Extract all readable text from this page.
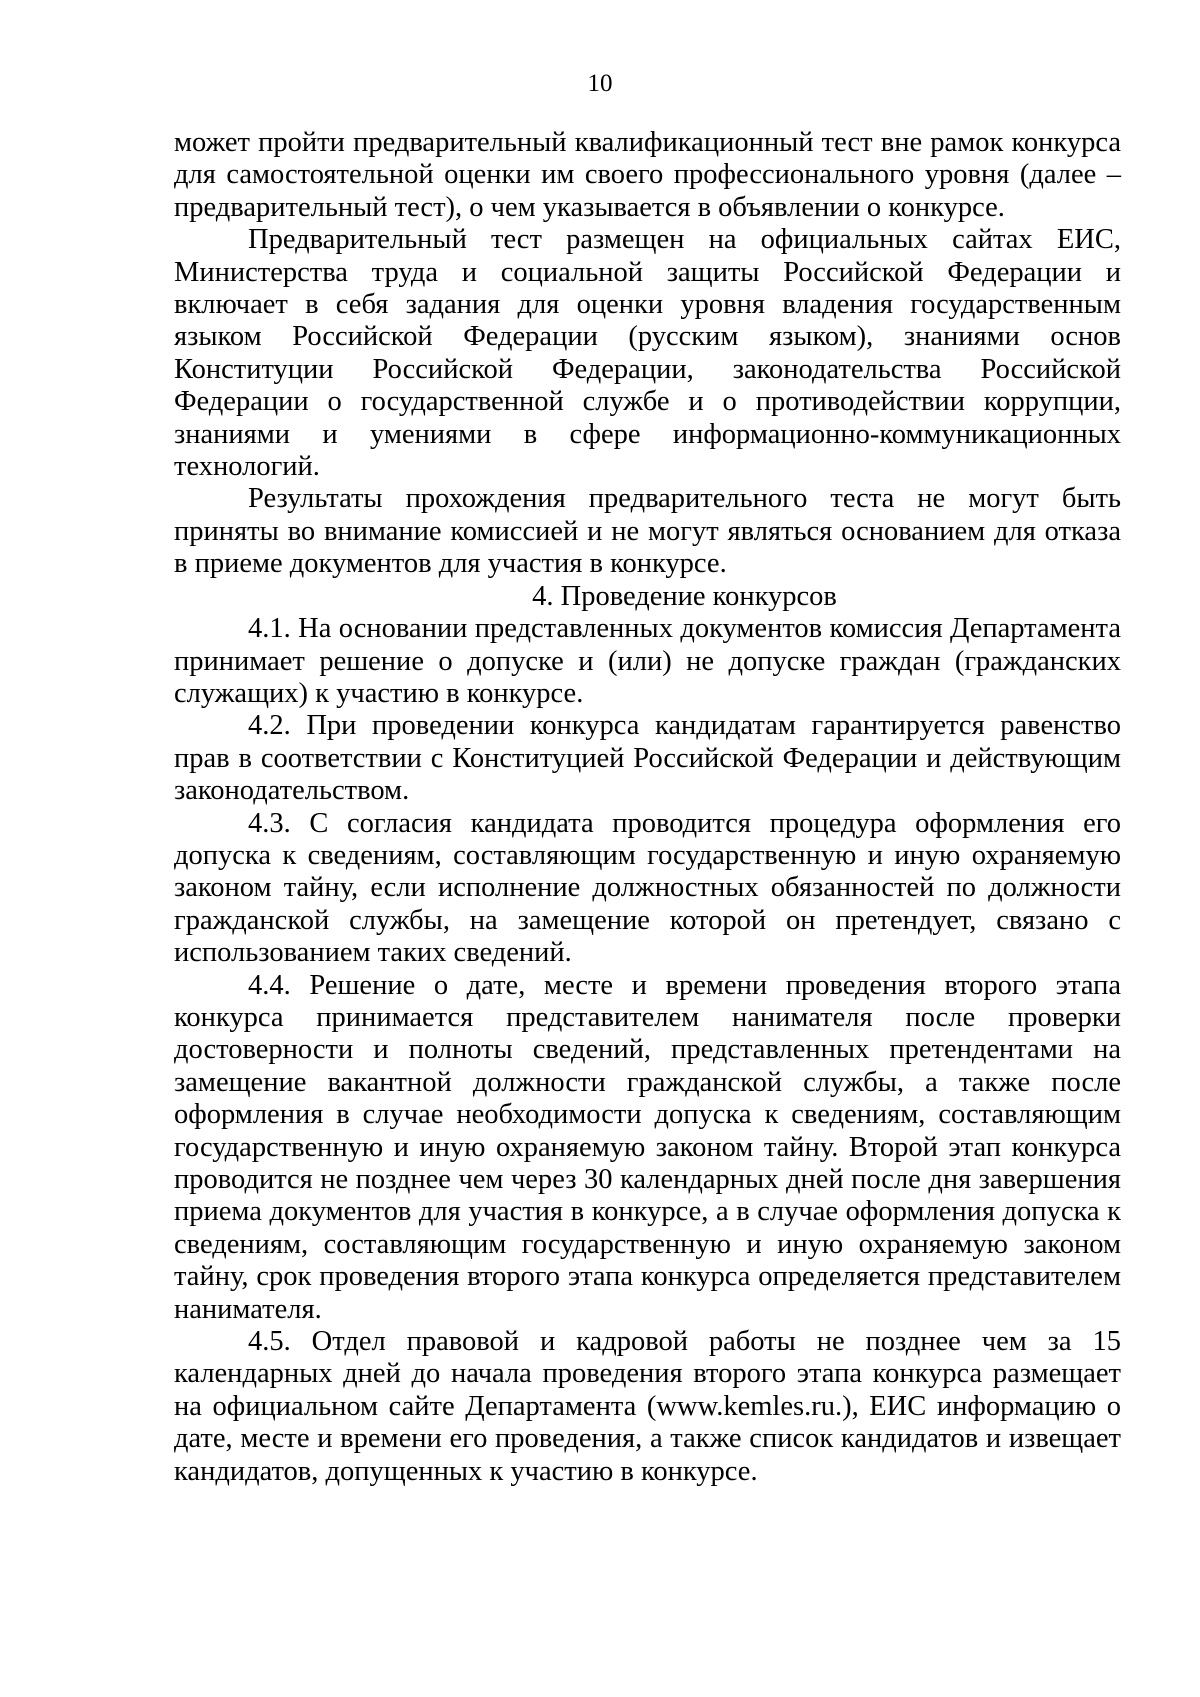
10

может пройти предварительный квалификационный тест вне рамок конкурса для самостоятельной оценки им своего профессионального уровня (далее – предварительный тест), о чем указывается в объявлении о конкурсе.

Предварительный тест размещен на официальных сайтах ЕИС, Министерства труда и социальной защиты Российской Федерации и включает в себя задания для оценки уровня владения государственным языком Российской Федерации (русским языком), знаниями основ Конституции Российской Федерации, законодательства Российской Федерации о государственной службе и о противодействии коррупции, знаниями и умениями в сфере информационно-коммуникационных технологий.

Результаты прохождения предварительного теста не могут быть приняты во внимание комиссией и не могут являться основанием для отказа в приеме документов для участия в конкурсе.

4. Проведение конкурсов

4.1. На основании представленных документов комиссия Департамента принимает решение о допуске и (или) не допуске граждан (гражданских служащих) к участию в конкурсе.

4.2. При проведении конкурса кандидатам гарантируется равенство прав в соответствии с Конституцией Российской Федерации и действующим законодательством.

4.3. С согласия кандидата проводится процедура оформления его допуска к сведениям, составляющим государственную и иную охраняемую законом тайну, если исполнение должностных обязанностей по должности гражданской службы, на замещение которой он претендует, связано с использованием таких сведений.

4.4. Решение о дате, месте и времени проведения второго этапа конкурса принимается представителем нанимателя после проверки достоверности и полноты сведений, представленных претендентами на замещение вакантной должности гражданской службы, а также после оформления в случае необходимости допуска к сведениям, составляющим государственную и иную охраняемую законом тайну. Второй этап конкурса проводится не позднее чем через 30 календарных дней после дня завершения приема документов для участия в конкурсе, а в случае оформления допуска к сведениям, составляющим государственную и иную охраняемую законом тайну, срок проведения второго этапа конкурса определяется представителем нанимателя.

4.5. Отдел правовой и кадровой работы не позднее чем за 15 календарных дней до начала проведения второго этапа конкурса размещает на официальном сайте Департамента (www.kemles.ru.), ЕИС информацию о дате, месте и времени его проведения, а также список кандидатов и извещает кандидатов, допущенных к участию в конкурсе.
